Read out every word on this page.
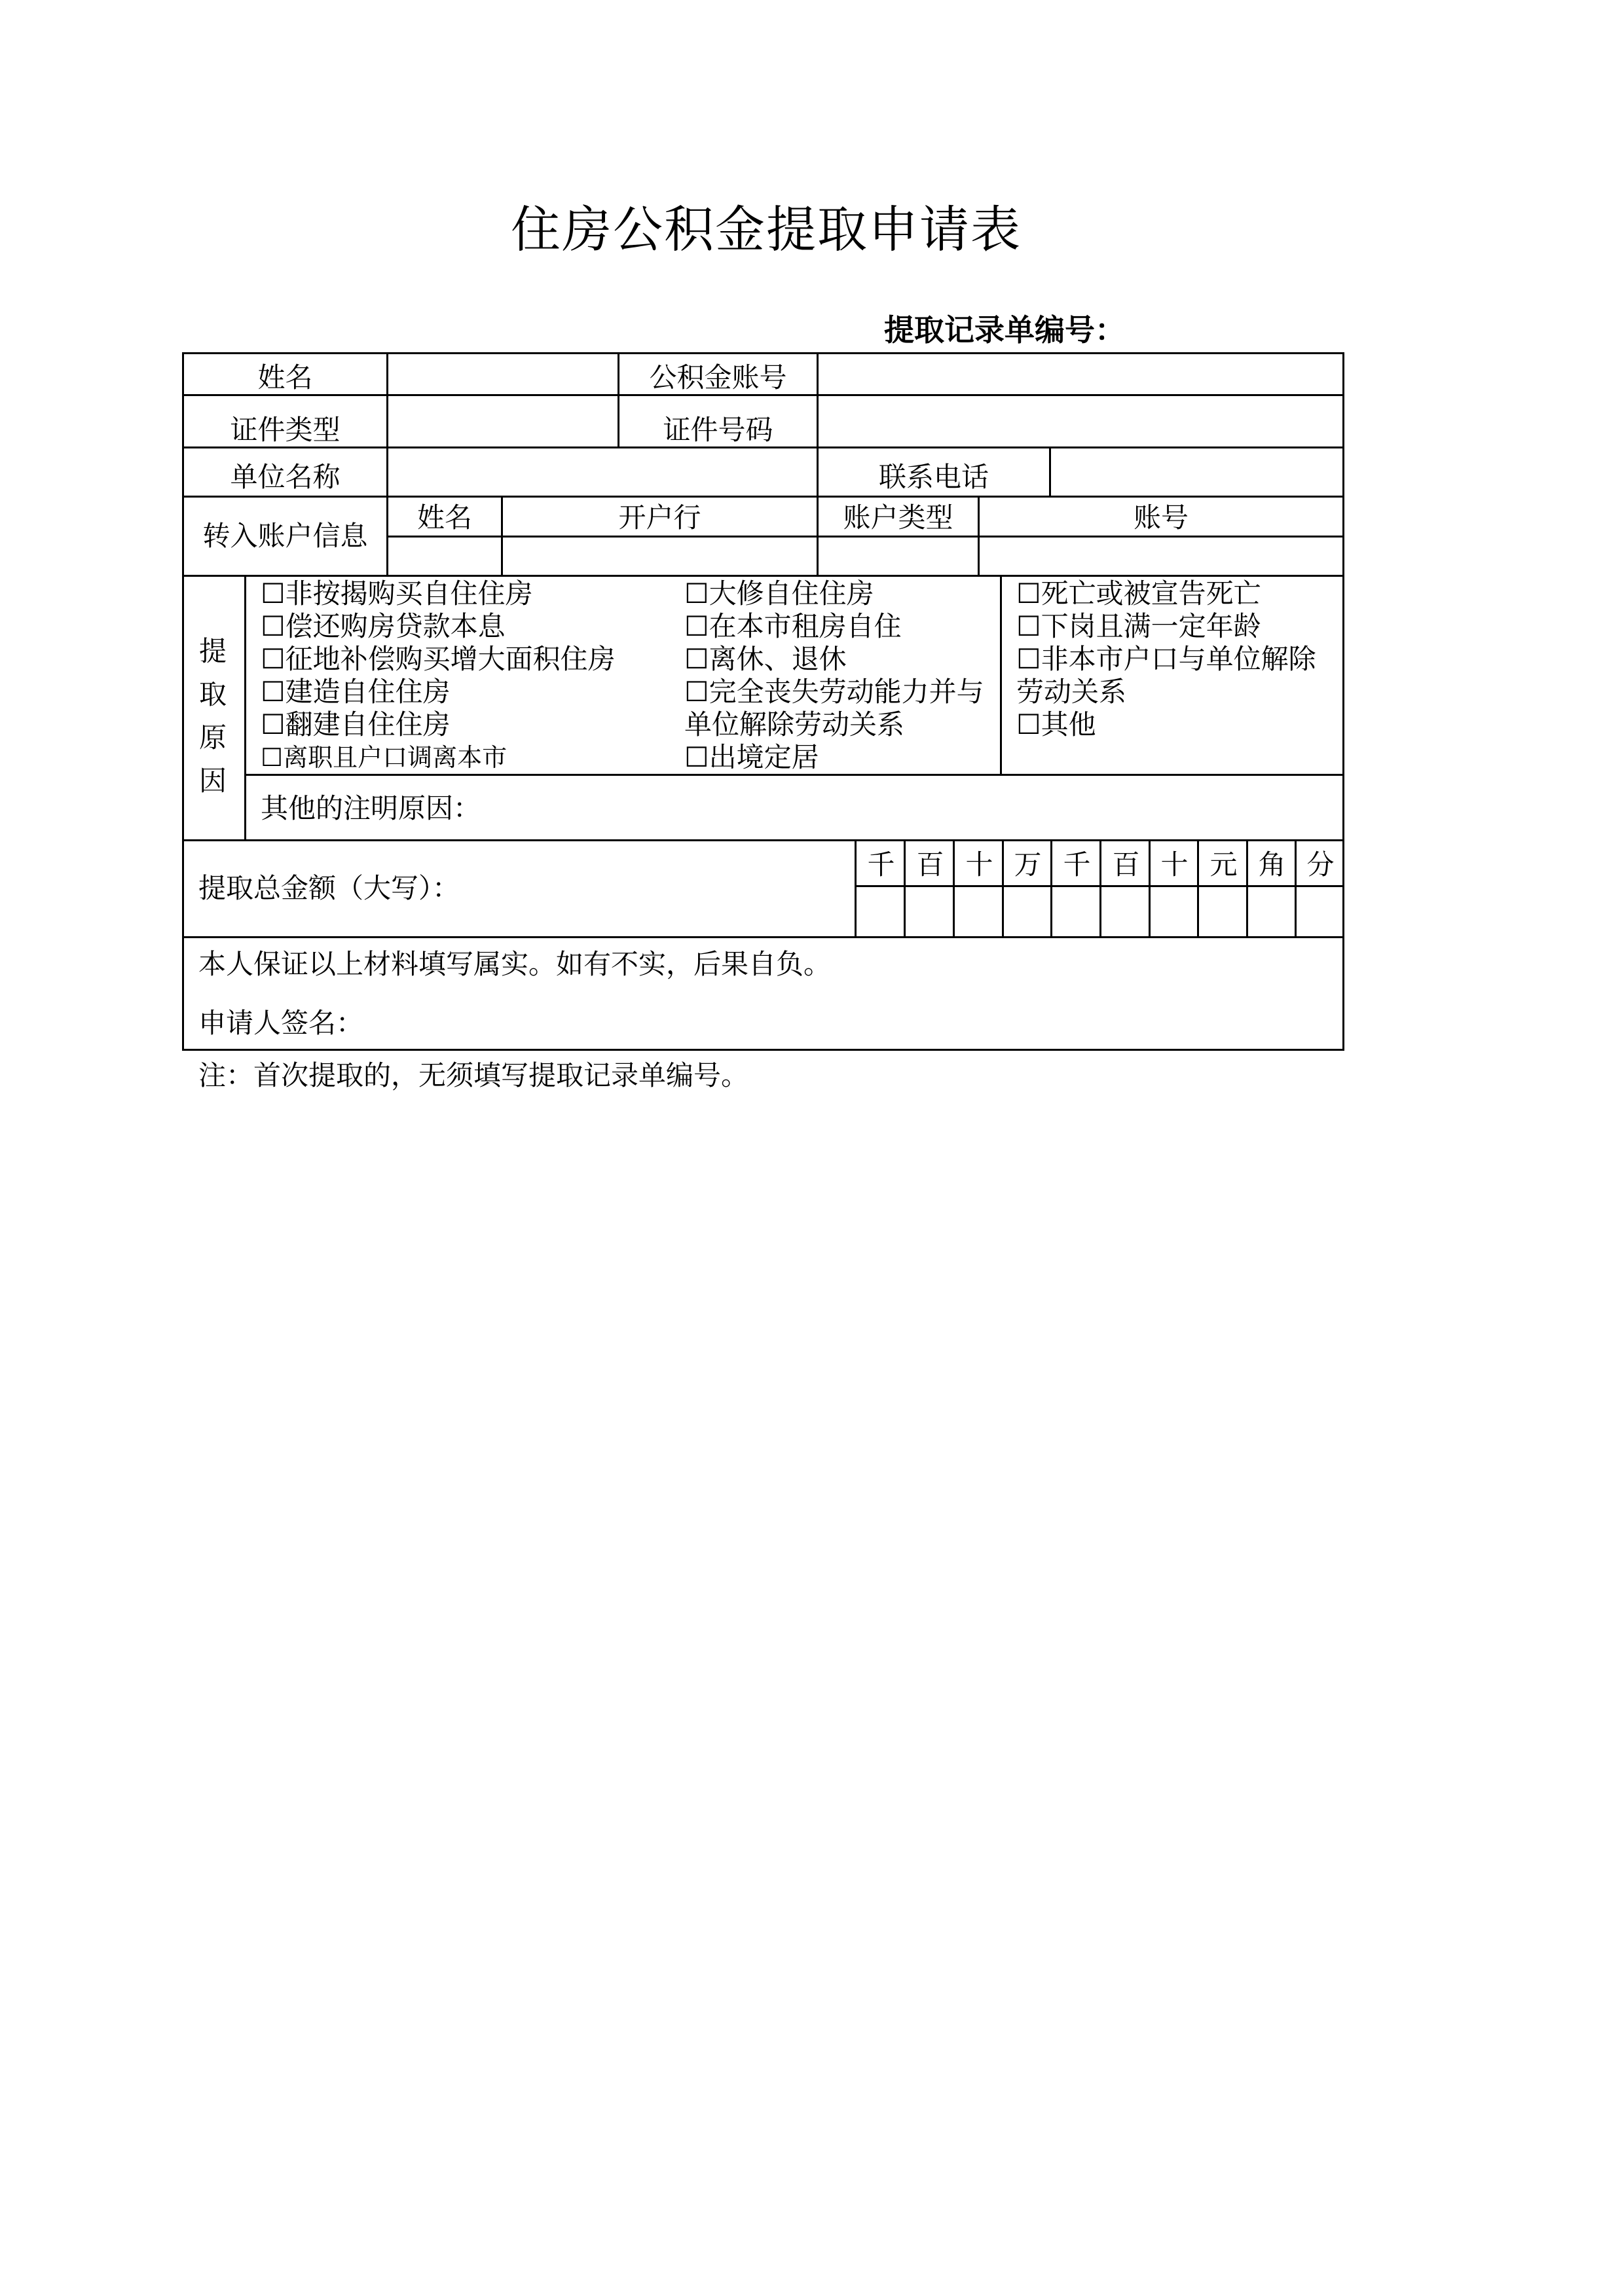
住房公积金提取申请表
提取记录单编号：
姓名	公积金账号
证件类型	证件号码
单位名称	联系电话
转入账户信息
姓名	开户行	账户类型	账号
提
取
原
因
☐非按揭购买自住住房
☐偿还购房贷款本息
☐征地补偿购买增大面积住房
☐建造自住住房
☐翻建自住住房
☐离职且户口调离本市
☐大修自住住房
☐在本市租房自住
☐离休、退休
☐完全丧失劳动能力并与
单位解除劳动关系
☐出境定居
☐死亡或被宣告死亡
☐下岗且满一定年龄
☐非本市户口与单位解除
劳动关系
☐其他
其他的注明原因：
提取总金额（大写）：
千 百 十 万 千 百 十 元 角 分
本人保证以上材料填写属实。如有不实，后果自负。
申请人签名：
注：首次提取的，无须填写提取记录单编号。
